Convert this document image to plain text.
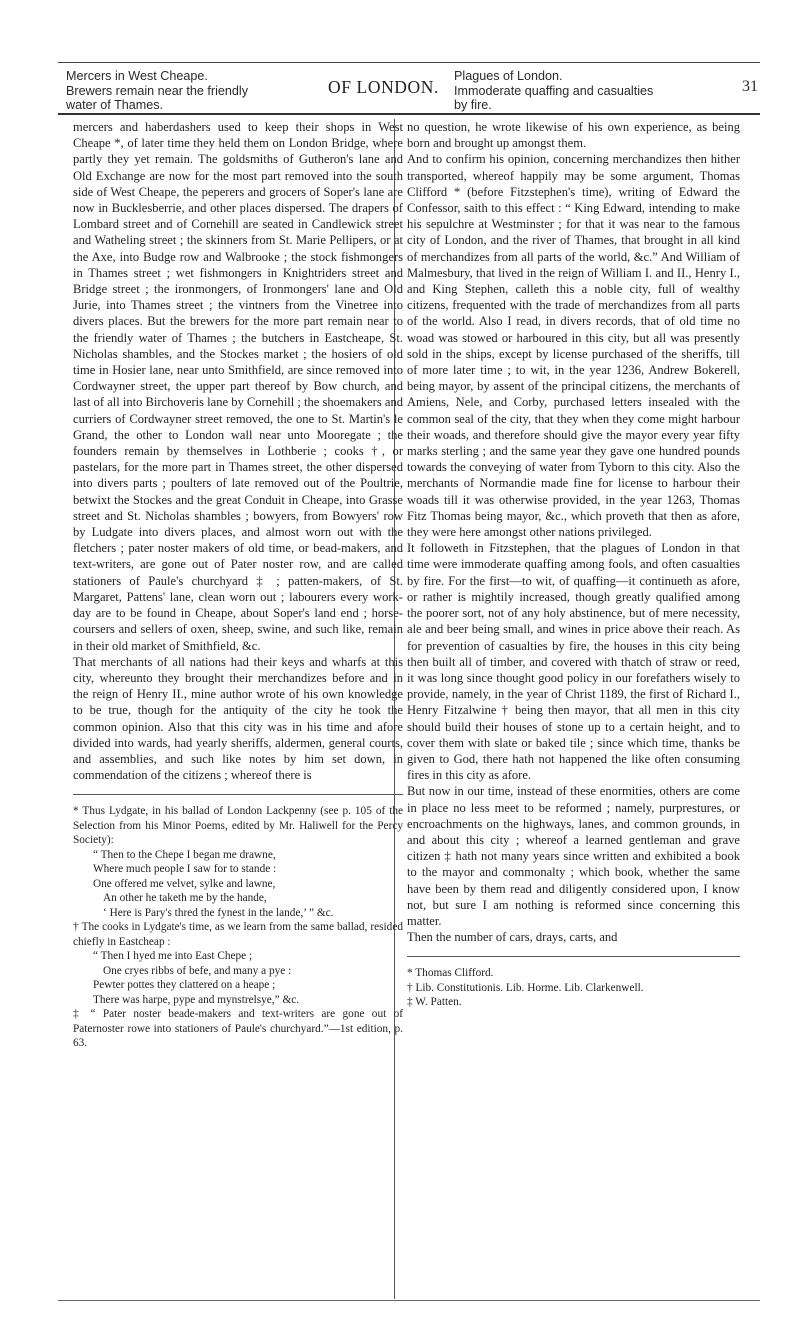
Mercers in West Cheape.
Brewers remain near the friendly
water of Thames.
OF LONDON.
Plagues of London.
Immoderate quaffing and casualties
by fire.
31

mercers and haberdashers used to keep their shops in West Cheape *, of later time they held them on London Bridge, where partly they yet remain. The goldsmiths of Gutheron's lane and Old Exchange are now for the most part removed into the south side of West Cheape, the peperers and grocers of Soper's lane are now in Bucklesberrie, and other places dispersed. The drapers of Lombard street and of Cornehill are seated in Candlewick street and Watheling street ; the skinners from St. Marie Pellipers, or at the Axe, into Budge row and Walbrooke ; the stock fishmongers in Thames street ; wet fishmongers in Knightriders street and Bridge street ; the ironmongers, of Ironmongers' lane and Old Jurie, into Thames street ; the vintners from the Vinetree into divers places. But the brewers for the more part remain near to the friendly water of Thames ; the butchers in Eastcheape, St. Nicholas shambles, and the Stockes market ; the hosiers of old time in Hosier lane, near unto Smithfield, are since removed into Cordwayner street, the upper part thereof by Bow church, and last of all into Birchoveris lane by Cornehill ; the shoemakers and curriers of Cordwayner street removed, the one to St. Martin's le Grand, the other to London wall near unto Mooregate ; the founders remain by themselves in Lothberie ; cooks †, or pastelars, for the more part in Thames street, the other dispersed into divers parts ; poulters of late removed out of the Poultrie, betwixt the Stockes and the great Conduit in Cheape, into Grasse street and St. Nicholas shambles ; bowyers, from Bowyers' row by Ludgate into divers places, and almost worn out with the fletchers ; pater noster makers of old time, or bead-makers, and text-writers, are gone out of Pater noster row, and are called stationers of Paule's churchyard ‡ ; patten-makers, of St. Margaret, Pattens' lane, clean worn out ; labourers every work-day are to be found in Cheape, about Soper's land end ; horse-coursers and sellers of oxen, sheep, swine, and such like, remain in their old market of Smithfield, &c.

That merchants of all nations had their keys and wharfs at this city, whereunto they brought their merchandizes before and in the reign of Henry II., mine author wrote of his own knowledge to be true, though for the antiquity of the city he took the common opinion. Also that this city was in his time and afore divided into wards, had yearly sheriffs, aldermen, general courts, and assemblies, and such like notes by him set down, in commendation of the citizens ; whereof there is

* Thus Lydgate, in his ballad of London Lackpenny (see p. 105 of the Selection from his Minor Poems, edited by Mr. Haliwell for the Percy Society):

“ Then to the Chepe I began me drawne,

Where much people I saw for to stande :

One offered me velvet, sylke and lawne,

An other he taketh me by the hande,

‘ Here is Pary's thred the fynest in the lande,’ ” &c.

† The cooks in Lydgate's time, as we learn from the same ballad, resided chiefly in Eastcheap :

“ Then I hyed me into East Chepe ;

One cryes ribbs of befe, and many a pye :

Pewter pottes they clattered on a heape ;

There was harpe, pype and mynstrelsye,” &c.

‡ “ Pater noster beade-makers and text-writers are gone out of Paternoster rowe into stationers of Paule's churchyard.”—1st edition, p. 63.

no question, he wrote likewise of his own experience, as being born and brought up amongst them.

And to confirm his opinion, concerning merchandizes then hither transported, whereof happily may be some argument, Thomas Clifford * (before Fitzstephen's time), writing of Edward the Confessor, saith to this effect : “ King Edward, intending to make his sepulchre at Westminster ; for that it was near to the famous city of London, and the river of Thames, that brought in all kind of merchandizes from all parts of the world, &c.” And William of Malmesbury, that lived in the reign of William I. and II., Henry I., and King Stephen, calleth this a noble city, full of wealthy citizens, frequented with the trade of merchandizes from all parts of the world. Also I read, in divers records, that of old time no woad was stowed or harboured in this city, but all was presently sold in the ships, except by license purchased of the sheriffs, till of more later time ; to wit, in the year 1236, Andrew Bokerell, being mayor, by assent of the principal citizens, the merchants of Amiens, Nele, and Corby, purchased letters insealed with the common seal of the city, that they when they come might harbour their woads, and therefore should give the mayor every year fifty marks sterling ; and the same year they gave one hundred pounds towards the conveying of water from Tyborn to this city. Also the merchants of Normandie made fine for license to harbour their woads till it was otherwise provided, in the year 1263, Thomas Fitz Thomas being mayor, &c., which proveth that then as afore, they were here amongst other nations privileged.

It followeth in Fitzstephen, that the plagues of London in that time were immoderate quaffing among fools, and often casualties by fire. For the first—to wit, of quaffing—it continueth as afore, or rather is mightily increased, though greatly qualified among the poorer sort, not of any holy abstinence, but of mere necessity, ale and beer being small, and wines in price above their reach. As for prevention of casualties by fire, the houses in this city being then built all of timber, and covered with thatch of straw or reed, it was long since thought good policy in our forefathers wisely to provide, namely, in the year of Christ 1189, the first of Richard I., Henry Fitzalwine † being then mayor, that all men in this city should build their houses of stone up to a certain height, and to cover them with slate or baked tile ; since which time, thanks be given to God, there hath not happened the like often consuming fires in this city as afore.

But now in our time, instead of these enormities, others are come in place no less meet to be reformed ; namely, purprestures, or encroachments on the highways, lanes, and common grounds, in and about this city ; whereof a learned gentleman and grave citizen ‡ hath not many years since written and exhibited a book to the mayor and commonalty ; which book, whether the same have been by them read and diligently considered upon, I know not, but sure I am nothing is reformed since concerning this matter.

Then the number of cars, drays, carts, and

* Thomas Clifford.

† Lib. Constitutionis. Lib. Horme. Lib. Clarkenwell.

‡ W. Patten.
